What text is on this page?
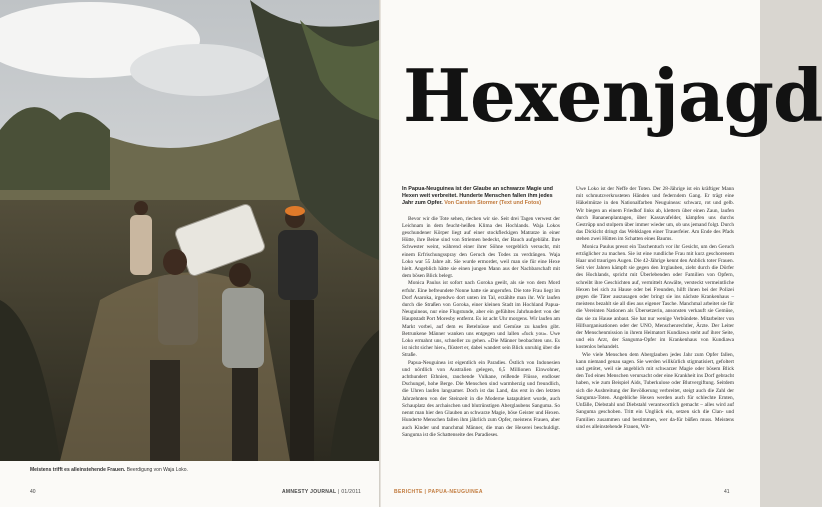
Meistens trifft es alleinstehende Frauen. Beerdigung von Waja Loko.
40	AMNESTY JOURNAL | 01/2011	BERICHTE | PAPUA-NEUGUINEA	41
Hexenjagd
In Papua-Neuguinea ist der Glaube an schwarze Magie und Hexen weit verbreitet. Hunderte Menschen fallen ihm jedes Jahr zum Opfer. Von Carsten Stormer (Text und Fotos)

Bevor wir die Tote sehen, riechen wir sie. Seit drei Tagen verwest der Leichnam in dem feucht-heißen Klima des Hochlands. Waja Lokos geschundener Körper liegt auf einer stockfleckigen Matratze in einer Hütte, ihre Beine sind von Striemen bedeckt, der Bauch aufgebläht. Ihre Schwester weint, während einer ihrer Söhne vergeblich versucht, mit einem Erfrischungsspray den Geruch des Todes zu verdrängen. Waja Loko war 55 Jahre alt. Sie wurde ermordet, weil man sie für eine Hexe hielt. Angeblich hätte sie einen jungen Mann aus der Nachbarschaft mit dem bösen Blick belegt.

Monica Paulus ist sofort nach Goroka geeilt, als sie von dem Mord erfuhr. Eine befreundete Nonne hatte sie angerufen. Die tote Frau liegt im Dorf Asaroka, irgendwo dort unten im Tal, erzählte man ihr. Wir laufen durch die Straßen von Goroka, einer kleinen Stadt im Hochland Papua-Neuguineas, nur eine Flugstunde, aber ein gefühltes Jahrhundert von der Hauptstadt Port Moresby entfernt. Es ist acht Uhr morgens. Wir laufen am Markt vorbei, auf dem es Betelnüsse und Gemüse zu kaufen gibt. Betrunkene Männer wanken uns entgegen und lallen »fuck you«. Uwe Loko ermahnt uns, schneller zu gehen. »Die Männer beobachten uns. Es ist nicht sicher hier«, flüstert er, dabei wandert sein Blick unruhig über die Straße.

Papua-Neuguinea ist eigentlich ein Paradies. Östlich von Indonesien und nördlich von Australien gelegen, 6,5 Millionen Einwohner, achthundert Ethnien, rauchende Vulkane, reißende Flüsse, endloser Dschungel, hohe Berge. Die Menschen sind warmherzig und freundlich, die Uhren laufen langsamer. Doch ist das Land, das erst in den letzten Jahrzehnten von der Steinzeit in die Moderne katapultiert wurde, auch Schauplatz des archaischen und blutrünstigen Aberglaubens Sanguma. So nennt man hier den Glauben an schwarze Magie, böse Geister und Hexen. Hunderte Menschen fallen ihm jährlich zum Opfer, meistens Frauen, aber auch Kinder und manchmal Männer, die man der Hexerei beschuldigt. Sanguma ist die Schattenseite des Paradieses.

Uwe Loko ist der Neffe der Toten. Der 28-Jährige ist ein kräftiger Mann mit schmutzverkrusteten Händen und federndem Gang. Er trägt eine Häkelmütze in den Nationalfarben Neuguineas: schwarz, rot und gelb. Wir biegen an einem Friedhof links ab, klettern über einen Zaun, laufen durch Bananenplantagen, über Kassavafelder, kämpfen uns durchs Gestrüpp und stolpern über immer wieder um, ob uns jemand folgt. Durch das Dickicht dringt das Wehklagen einer Trauerfeier. Am Ende des Pfads stehen zwei Hütten im Schatten eines Baums.

Monica Paulus presst ein Taschentuch vor ihr Gesicht, um den Geruch erträglicher zu machen. Sie ist eine rundliche Frau mit kurz geschorenem Haar und traurigen Augen. Die 42-Jährige kennt den Anblick toter Frauen. Seit vier Jahren kämpft sie gegen den Irrglauben, zieht durch die Dörfer des Hochlands, spricht mit Überlebenden oder Familien von Opfern, schreibt ihre Geschichten auf, vermittelt Anwälte, versteckt vermeintliche Hexen bei sich zu Hause oder bei Freunden, hilft ihnen bei der Polizei gegen die Täter auszusagen oder bringt sie ins nächste Krankenhaus – meistens bezahlt sie all dies aus eigener Tasche. Manchmal arbeitet sie für die Vereinten Nationen als Übersetzerin, ansonsten verkauft sie Gemüse, das sie zu Hause anbaut. Sie hat nur wenige Verbündete. Mitarbeiter von Hilfsorganisationen oder der UNO, Menschenrechtler, Ärzte. Der Leiter der Menschenmission in ihrem Heimatort Kundiawa steht auf ihrer Seite, und ein Arzt, der Sanguma-Opfer im Krankenhaus von Kundiawa kostenlos behandelt.

Wie viele Menschen dem Aberglauben jedes Jahr zum Opfer fallen, kann niemand genau sagen. Sie werden willkürlich stigmatisiert, gefoltert und getötet, weil sie angeblich mit schwarzer Magie oder bösem Blick den Tod eines Menschen verursacht oder eine Krankheit ins Dorf gebracht haben, wie zum Beispiel Aids, Tuberkulose oder Blutvergiftung. Seitdem sich die Ausbreitung der Bevölkerung verbreitet, steigt auch die Zahl der Sanguma-Toten. Angebliche Hexen werden auch für schlechte Ernten, Unfälle, Diebstahl und Diebstahl verantwortlich gemacht – alles wird auf Sanguma geschoben. Tritt ein Unglück ein, setzen sich die Clan- und Familien zusammen und bestimmen, wer da-für büßen muss. Meistens sind es alleinstehende Frauen, Wit-
